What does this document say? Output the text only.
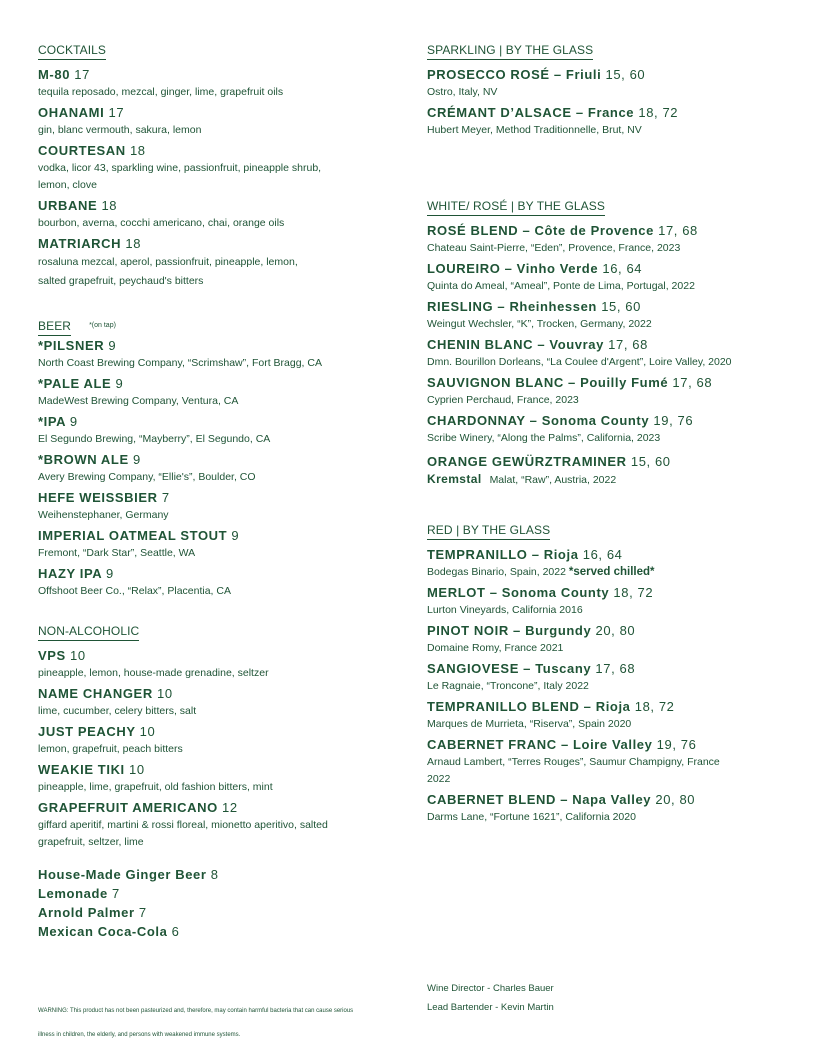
COCKTAILS
M-80 17
tequila reposado, mezcal, ginger, lime, grapefruit oils
OHANAMI 17
gin, blanc vermouth, sakura, lemon
COURTESAN 18
vodka, licor 43, sparkling wine, passionfruit, pineapple shrub, lemon, clove
URBANE 18
bourbon, averna, cocchi americano, chai, orange oils
MATRIARCH 18
rosaluna mezcal, aperol, passionfruit, pineapple, lemon, salted grapefruit, peychaud's bitters
BEER	*(on tap)
*PILSNER 9
North Coast Brewing Company, “Scrimshaw”, Fort Bragg, CA
*PALE ALE 9
MadeWest Brewing Company, Ventura, CA
*IPA 9
El Segundo Brewing, “Mayberry”, El Segundo, CA
*BROWN ALE 9
Avery Brewing Company, “Ellie's”, Boulder, CO
HEFE WEISSBIER 7
Weihenstephaner, Germany
IMPERIAL OATMEAL STOUT 9
Fremont, “Dark Star”, Seattle, WA
HAZY IPA 9
Offshoot Beer Co., “Relax”, Placentia, CA
NON-ALCOHOLIC
VPS 10
pineapple, lemon, house-made grenadine, seltzer
NAME CHANGER 10
lime, cucumber, celery bitters, salt
JUST PEACHY 10
lemon, grapefruit, peach bitters
WEAKIE TIKI 10
pineapple, lime, grapefruit, old fashion bitters, mint
GRAPEFRUIT AMERICANO 12
giffard aperitif, martini & rossi floreal, mionetto aperitivo, salted grapefruit, seltzer, lime
House-Made Ginger Beer 8
Lemonade 7
Arnold Palmer 7
Mexican Coca-Cola 6
SPARKLING | BY THE GLASS
PROSECCO ROSÉ – Friuli 15, 60
Ostro, Italy, NV
CRÉMANT D’ALSACE – France 18, 72
Hubert Meyer, Method Traditionnelle, Brut, NV
WHITE/ ROSÉ | BY THE GLASS
ROSÉ BLEND – Côte de Provence 17, 68
Chateau Saint-Pierre, “Eden”, Provence, France, 2023
LOUREIRO – Vinho Verde 16, 64
Quinta do Ameal, “Ameal”, Ponte de Lima, Portugal, 2022
RIESLING – Rheinhessen 15, 60
Weingut Wechsler, “K”, Trocken, Germany, 2022
CHENIN BLANC – Vouvray 17, 68
Dmn. Bourillon Dorleans, “La Coulee d'Argent”, Loire Valley, 2020
SAUVIGNON BLANC – Pouilly Fumé 17, 68
Cyprien Perchaud, France, 2023
CHARDONNAY – Sonoma County 19, 76
Scribe Winery, “Along the Palms”, California, 2023
ORANGE GEWÜRZTRAMINER 15, 60
Kremstal Malat, “Raw”, Austria, 2022
RED | BY THE GLASS
TEMPRANILLO – Rioja 16, 64
Bodegas Binario, Spain, 2022 *served chilled*
MERLOT – Sonoma County 18, 72
Lurton Vineyards, California 2016
PINOT NOIR – Burgundy 20, 80
Domaine Romy, France 2021
SANGIOVESE – Tuscany 17, 68
Le Ragnaie, “Troncone”, Italy 2022
TEMPRANILLO BLEND – Rioja 18, 72
Marques de Murrieta, “Riserva”, Spain 2020
CABERNET FRANC – Loire Valley 19, 76
Arnaud Lambert, “Terres Rouges”, Saumur Champigny, France 2022
CABERNET BLEND – Napa Valley 20, 80
Darms Lane, “Fortune 1621”, California 2020
WARNING: This product has not been pasteurized and, therefore, may contain harmful bacteria that can cause serious illness in children, the elderly, and persons with weakened immune systems.
Wine Director - Charles Bauer
Lead Bartender - Kevin Martin
